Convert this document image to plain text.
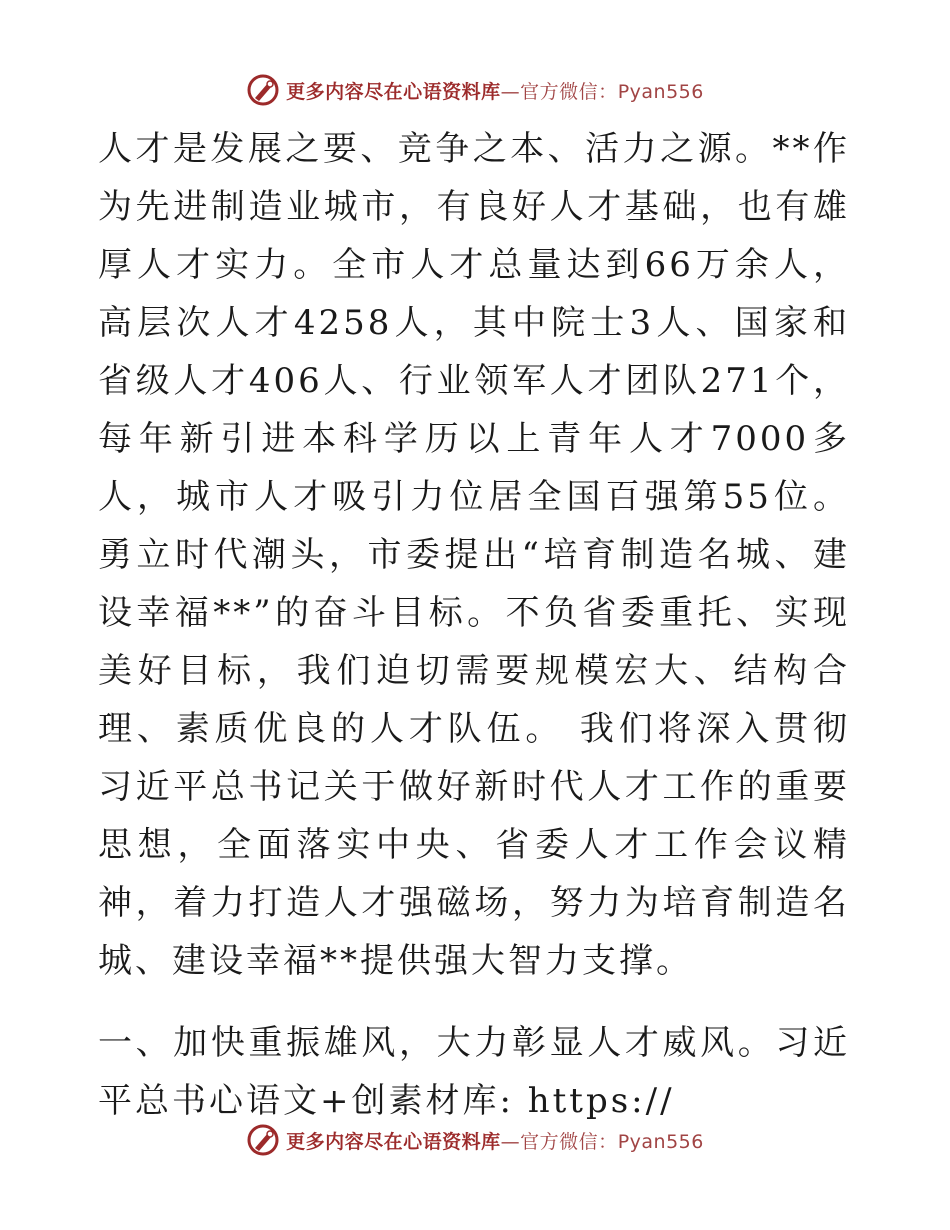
更多内容尽在心语资料库—官方微信：Pyan556

人才是发展之要、竞争之本、活力之源。**作为先进制造业城市，有良好人才基础，也有雄厚人才实力。全市人才总量达到66万余人，高层次人才4258人，其中院士3人、国家和省级人才406人、行业领军人才团队271个，每年新引进本科学历以上青年人才7000多人，城市人才吸引力位居全国百强第55位。勇立时代潮头，市委提出“培育制造名城、建设幸福**”的奋斗目标。不负省委重托、实现美好目标，我们迫切需要规模宏大、结构合理、素质优良的人才队伍。 我们将深入贯彻习近平总书记关于做好新时代人才工作的重要思想，全面落实中央、省委人才工作会议精神，着力打造人才强磁场，努力为培育制造名城、建设幸福**提供强大智力支撑。

一、加快重振雄风，大力彰显人才威风。习近平总书心语文+创素材库: https://

更多内容尽在心语资料库—官方微信：Pyan556
